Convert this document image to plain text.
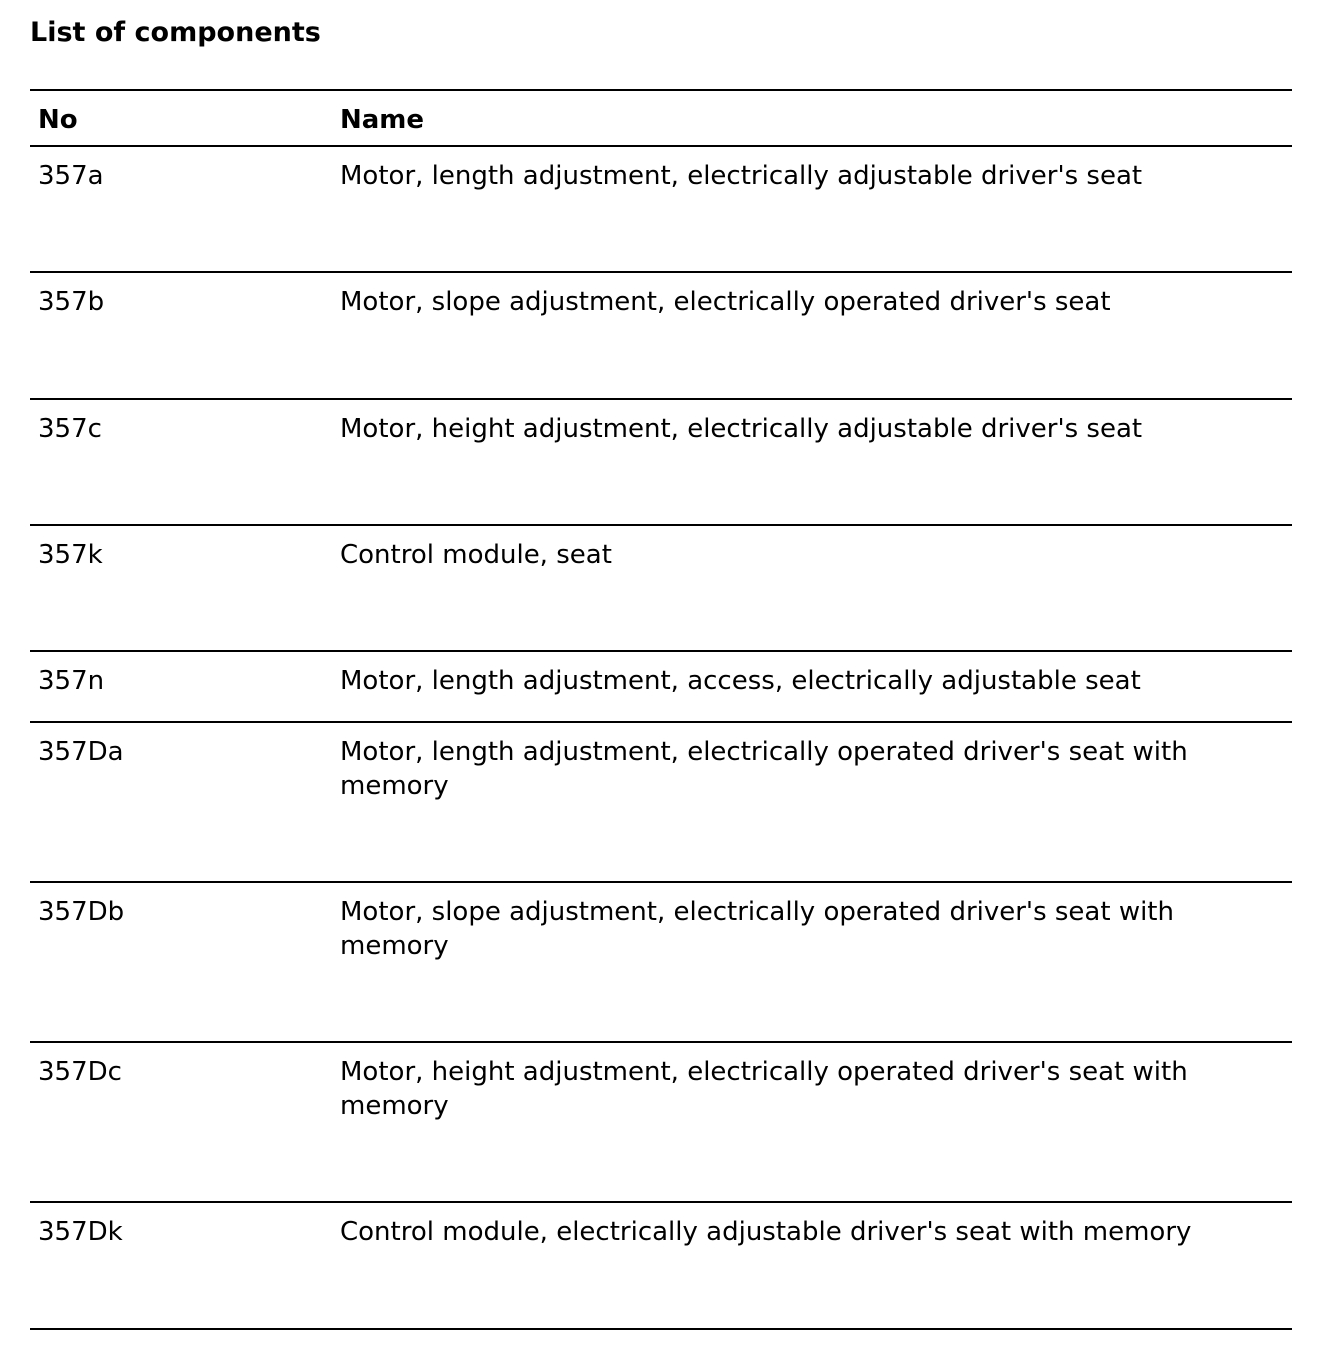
List of components
No	Name
357a	Motor, length adjustment, electrically adjustable driver's seat
357b	Motor, slope adjustment, electrically operated driver's seat
357c	Motor, height adjustment, electrically adjustable driver's seat
357k	Control module, seat
357n	Motor, length adjustment, access, electrically adjustable seat
357Da	Motor, length adjustment, electrically operated driver's seat with memory
357Db	Motor, slope adjustment, electrically operated driver's seat with memory
357Dc	Motor, height adjustment, electrically operated driver's seat with memory
357Dk	Control module, electrically adjustable driver's seat with memory
